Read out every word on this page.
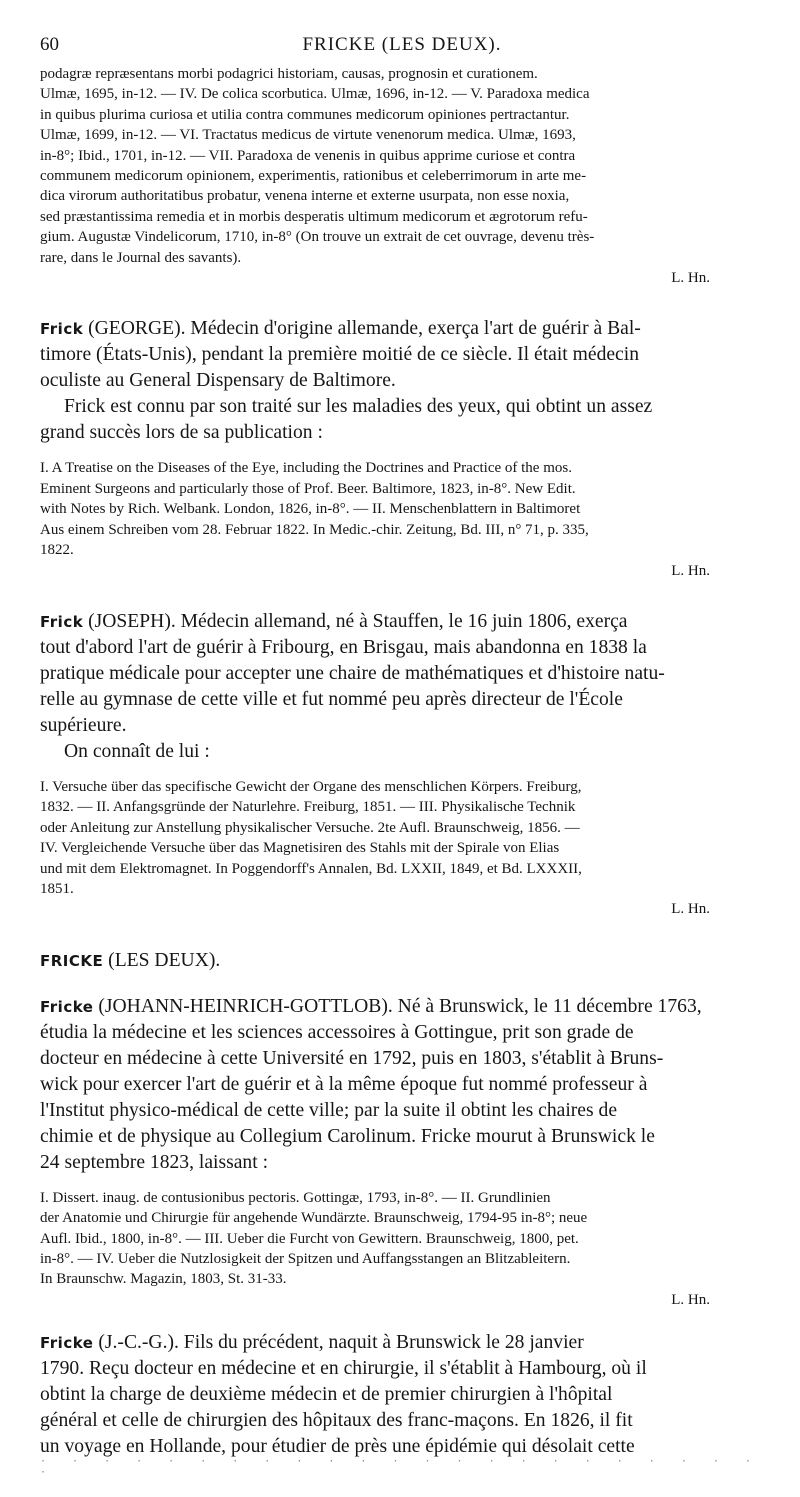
60	FRICKE (LES DEUX).
podagræ repræsentans morbi podagrici historiam, causas, prognosin et curationem.
Ulmæ, 1695, in-12. — IV. De colica scorbutica. Ulmæ, 1696, in-12. — V. Paradoxa medica
in quibus plurima curiosa et utilia contra communes medicorum opiniones pertractantur.
Ulmæ, 1699, in-12. — VI. Tractatus medicus de virtute venenorum medica. Ulmæ, 1693,
in-8°; Ibid., 1701, in-12. — VII. Paradoxa de venenis in quibus apprime curiose et contra
communem medicorum opinionem, experimentis, rationibus et celeberrimorum in arte me-
dica virorum authoritatibus probatur, venena interne et externe usurpata, non esse noxia,
sed præstantissima remedia et in morbis desperatis ultimum medicorum et ægrotorum refu-
gium. Augustæ Vindelicorum, 1710, in-8° (On trouve un extrait de cet ouvrage, devenu très-
rare, dans le Journal des savants).
L. Hn.
Frick (GEORGE). Médecin d'origine allemande, exerça l'art de guérir à Bal-
timore (États-Unis), pendant la première moitié de ce siècle. Il était médecin
oculiste au General Dispensary de Baltimore.
Frick est connu par son traité sur les maladies des yeux, qui obtint un assez
grand succès lors de sa publication :
I. A Treatise on the Diseases of the Eye, including the Doctrines and Practice of the mos.
Eminent Surgeons and particularly those of Prof. Beer. Baltimore, 1823, in-8°. New Edit.
with Notes by Rich. Welbank. London, 1826, in-8°. — II. Menschenblattern in Baltimoret
Aus einem Schreiben vom 28. Februar 1822. In Medic.-chir. Zeitung, Bd. III, n° 71, p. 335,
1822.
L. Hn.
Frick (JOSEPH). Médecin allemand, né à Stauffen, le 16 juin 1806, exerça
tout d'abord l'art de guérir à Fribourg, en Brisgau, mais abandonna en 1838 la
pratique médicale pour accepter une chaire de mathématiques et d'histoire natu-
relle au gymnase de cette ville et fut nommé peu après directeur de l'École
supérieure.
On connaît de lui :
I. Versuche über das specifische Gewicht der Organe des menschlichen Körpers. Freiburg,
1832. — II. Anfangsgründe der Naturlehre. Freiburg, 1851. — III. Physikalische Technik
oder Anleitung zur Anstellung physikalischer Versuche. 2te Aufl. Braunschweig, 1856. —
IV. Vergleichende Versuche über das Magnetisiren des Stahls mit der Spirale von Elias
und mit dem Elektromagnet. In Poggendorff's Annalen, Bd. LXXII, 1849, et Bd. LXXXII,
1851.
L. Hn.
FRICKE (LES DEUX).
Fricke (JOHANN-HEINRICH-GOTTLOB). Né à Brunswick, le 11 décembre 1763,
étudia la médecine et les sciences accessoires à Gottingue, prit son grade de
docteur en médecine à cette Université en 1792, puis en 1803, s'établit à Bruns-
wick pour exercer l'art de guérir et à la même époque fut nommé professeur à
l'Institut physico-médical de cette ville; par la suite il obtint les chaires de
chimie et de physique au Collegium Carolinum. Fricke mourut à Brunswick le
24 septembre 1823, laissant :
I. Dissert. inaug. de contusionibus pectoris. Gottingæ, 1793, in-8°. — II. Grundlinien
der Anatomie und Chirurgie für angehende Wundärzte. Braunschweig, 1794-95 in-8°; neue
Aufl. Ibid., 1800, in-8°. — III. Ueber die Furcht von Gewittern. Braunschweig, 1800, pet.
in-8°. — IV. Ueber die Nutzlosigkeit der Spitzen und Auffangsstangen an Blitzableitern.
In Braunschw. Magazin, 1803, St. 31-33.
L. Hn.
Fricke (J.-C.-G.). Fils du précédent, naquit à Brunswick le 28 janvier
1790. Reçu docteur en médecine et en chirurgie, il s'établit à Hambourg, où il
obtint la charge de deuxième médecin et de premier chirurgien à l'hôpital
général et celle de chirurgien des hôpitaux des franc-maçons. En 1826, il fit
un voyage en Hollande, pour étudier de près une épidémie qui désolait cette
· · · · · · · · · · · · · · · · · · · · · · · ·
